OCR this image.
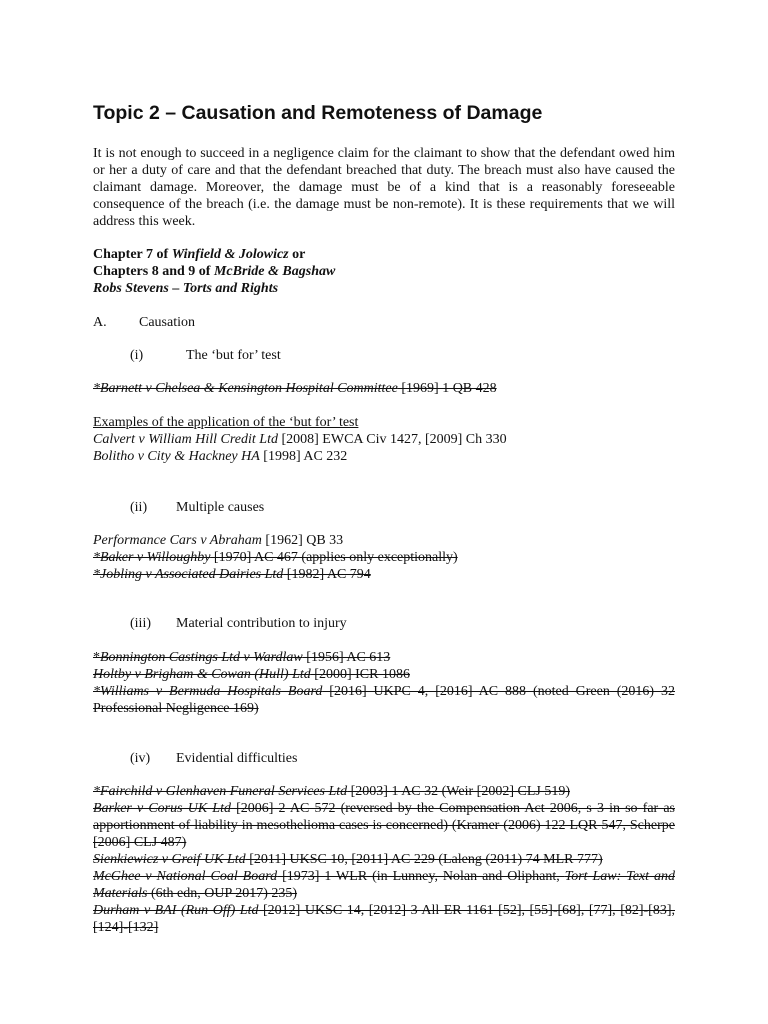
Topic 2 – Causation and Remoteness of Damage
It is not enough to succeed in a negligence claim for the claimant to show that the defendant owed him or her a duty of care and that the defendant breached that duty. The breach must also have caused the claimant damage. Moreover, the damage must be of a kind that is a reasonably foreseeable consequence of the breach (i.e. the damage must be non-remote). It is these requirements that we will address this week.
Chapter 7 of Winfield & Jolowicz or
Chapters 8 and 9 of McBride & Bagshaw
Robs Stevens – Torts and Rights
A. Causation
(i)	The ‘but for’ test
*Barnett v Chelsea & Kensington Hospital Committee [1969] 1 QB 428
Examples of the application of the ‘but for’ test
Calvert v William Hill Credit Ltd [2008] EWCA Civ 1427, [2009] Ch 330
Bolitho v City & Hackney HA [1998] AC 232
(ii) Multiple causes
Performance Cars v Abraham [1962] QB 33
*Baker v Willoughby [1970] AC 467 (applies only exceptionally)
*Jobling v Associated Dairies Ltd [1982] AC 794
(iii) Material contribution to injury
*Bonnington Castings Ltd v Wardlaw [1956] AC 613
Holtby v Brigham & Cowan (Hull) Ltd [2000] ICR 1086
*Williams v Bermuda Hospitals Board [2016] UKPC 4, [2016] AC 888 (noted Green (2016) 32 Professional Negligence 169)
(iv) Evidential difficulties
*Fairchild v Glenhaven Funeral Services Ltd [2003] 1 AC 32 (Weir [2002] CLJ 519)
Barker v Corus UK Ltd [2006] 2 AC 572 (reversed by the Compensation Act 2006, s 3 in so far as apportionment of liability in mesothelioma cases is concerned) (Kramer (2006) 122 LQR 547, Scherpe [2006] CLJ 487)
Sienkiewicz v Greif UK Ltd [2011] UKSC 10, [2011] AC 229 (Laleng (2011) 74 MLR 777)
McGhee v National Coal Board [1973] 1 WLR (in Lunney, Nolan and Oliphant, Tort Law: Text and Materials (6th edn, OUP 2017) 235)
Durham v BAI (Run Off) Ltd [2012] UKSC 14, [2012] 3 All ER 1161 [52], [55]-[68], [77], [82]-[83], [124]-[132]
